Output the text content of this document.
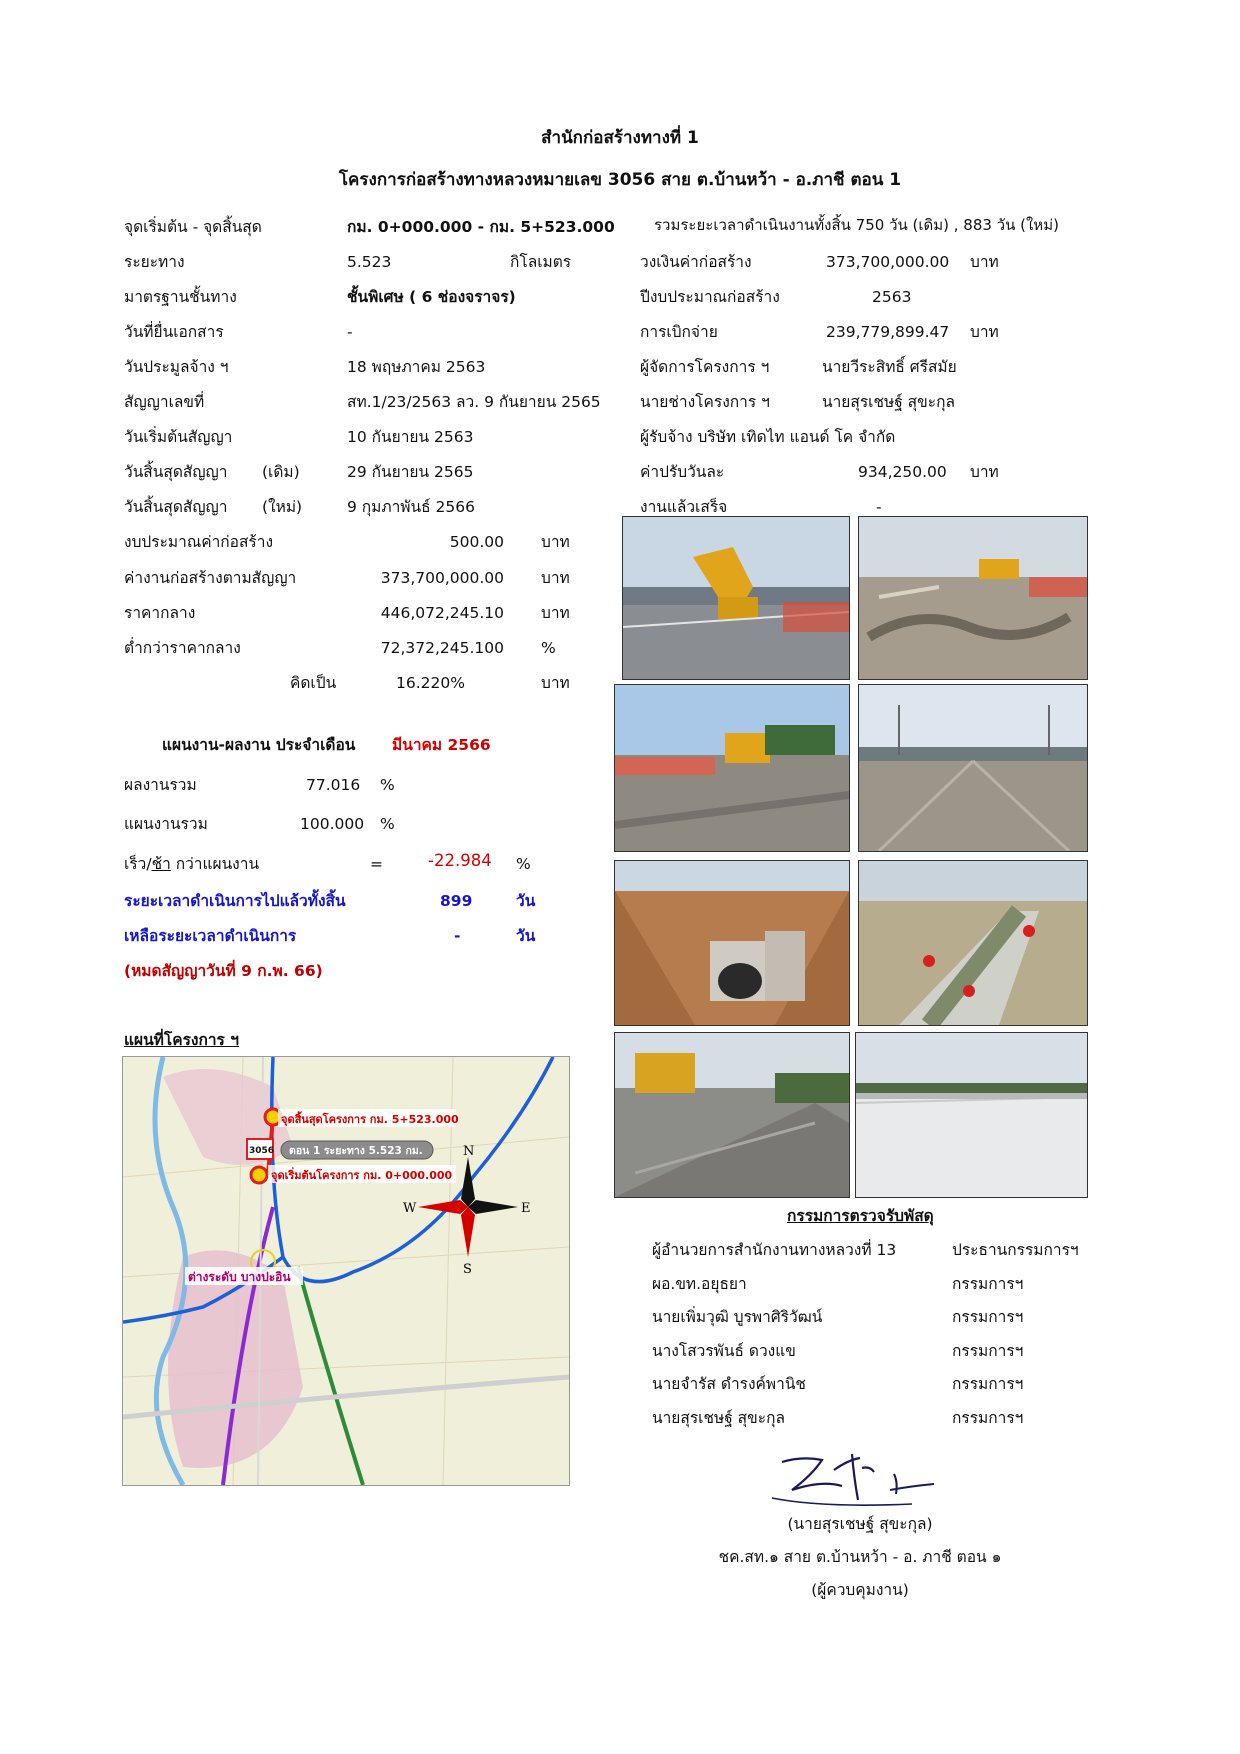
สำนักก่อสร้างทางที่ 1
โครงการก่อสร้างทางหลวงหมายเลข 3056 สาย ต.บ้านหว้า - อ.ภาชี ตอน 1
จุดเริ่มต้น - จุดสิ้นสุด	กม. 0+000.000 - กม. 5+523.000
ระยะทาง	5.523	กิโลเมตร
มาตรฐานชั้นทาง	ชั้นพิเศษ ( 6 ช่องจราจร)
วันที่ยื่นเอกสาร	-
วันประมูลจ้าง ฯ	18 พฤษภาคม 2563
สัญญาเลขที่	สท.1/23/2563 ลว. 9 กันยายน 2565
วันเริ่มต้นสัญญา	10 กันยายน 2563
วันสิ้นสุดสัญญา (เดิม)	29 กันยายน 2565
วันสิ้นสุดสัญญา (ใหม่)	9 กุมภาพันธ์ 2566
งบประมาณค่าก่อสร้าง	500.00 บาท
ค่างานก่อสร้างตามสัญญา	373,700,000.00 บาท
ราคากลาง	446,072,245.10 บาท
ต่ำกว่าราคากลาง	72,372,245.100 %
คิดเป็น	16.220%	บาท
รวมระยะเวลาดำเนินงานทั้งสิ้น 750 วัน (เดิม) , 883 วัน (ใหม่)
วงเงินค่าก่อสร้าง	373,700,000.00 บาท
ปีงบประมาณก่อสร้าง	2563
การเบิกจ่าย	239,779,899.47 บาท
ผู้จัดการโครงการ ฯ	นายวีระสิทธิ์ ศรีสมัย
นายช่างโครงการ ฯ	นายสุรเชษฐ์ สุขะกุล
ผู้รับจ้าง บริษัท เทิดไท แอนด์ โค จำกัด
ค่าปรับวันละ	934,250.00 บาท
งานแล้วเสร็จ	-
แผนงาน-ผลงาน ประจำเดือน มีนาคม 2566
ผลงานรวม	77.016 %
แผนงานรวม	100.000 %
เร็ว/ช้า กว่าแผนงาน	=	-22.984 %
ระยะเวลาดำเนินการไปแล้วทั้งสิ้น	899	วัน
เหลือระยะเวลาดำเนินการ	-	วัน
(หมดสัญญาวันที่ 9 ก.พ. 66)
แผนที่โครงการ ฯ
จุดสิ้นสุดโครงการ กม. 5+523.000
ตอน 1 ระยะทาง 5.523 กม.
3056
จุดเริ่มต้นโครงการ กม. 0+000.000
ต่างระดับ บางปะอิน
N
S
E
W	กรรมการตรวจรับพัสดุ
ผู้อำนวยการสำนักงานทางหลวงที่ 13	ประธานกรรมการฯ
ผอ.ขท.อยุธยา	กรรมการฯ
นายเพิ่มวุฒิ บูรพาศิริวัฒน์	กรรมการฯ
นางโสวรพันธ์ ดวงแข	กรรมการฯ
นายจำรัส ดำรงค์พานิช	กรรมการฯ
นายสุรเชษฐ์ สุขะกุล	กรรมการฯ
(นายสุรเชษฐ์ สุขะกุล)
ชค.สท.๑ สาย ต.บ้านหว้า - อ. ภาชี ตอน ๑
(ผู้ควบคุมงาน)
